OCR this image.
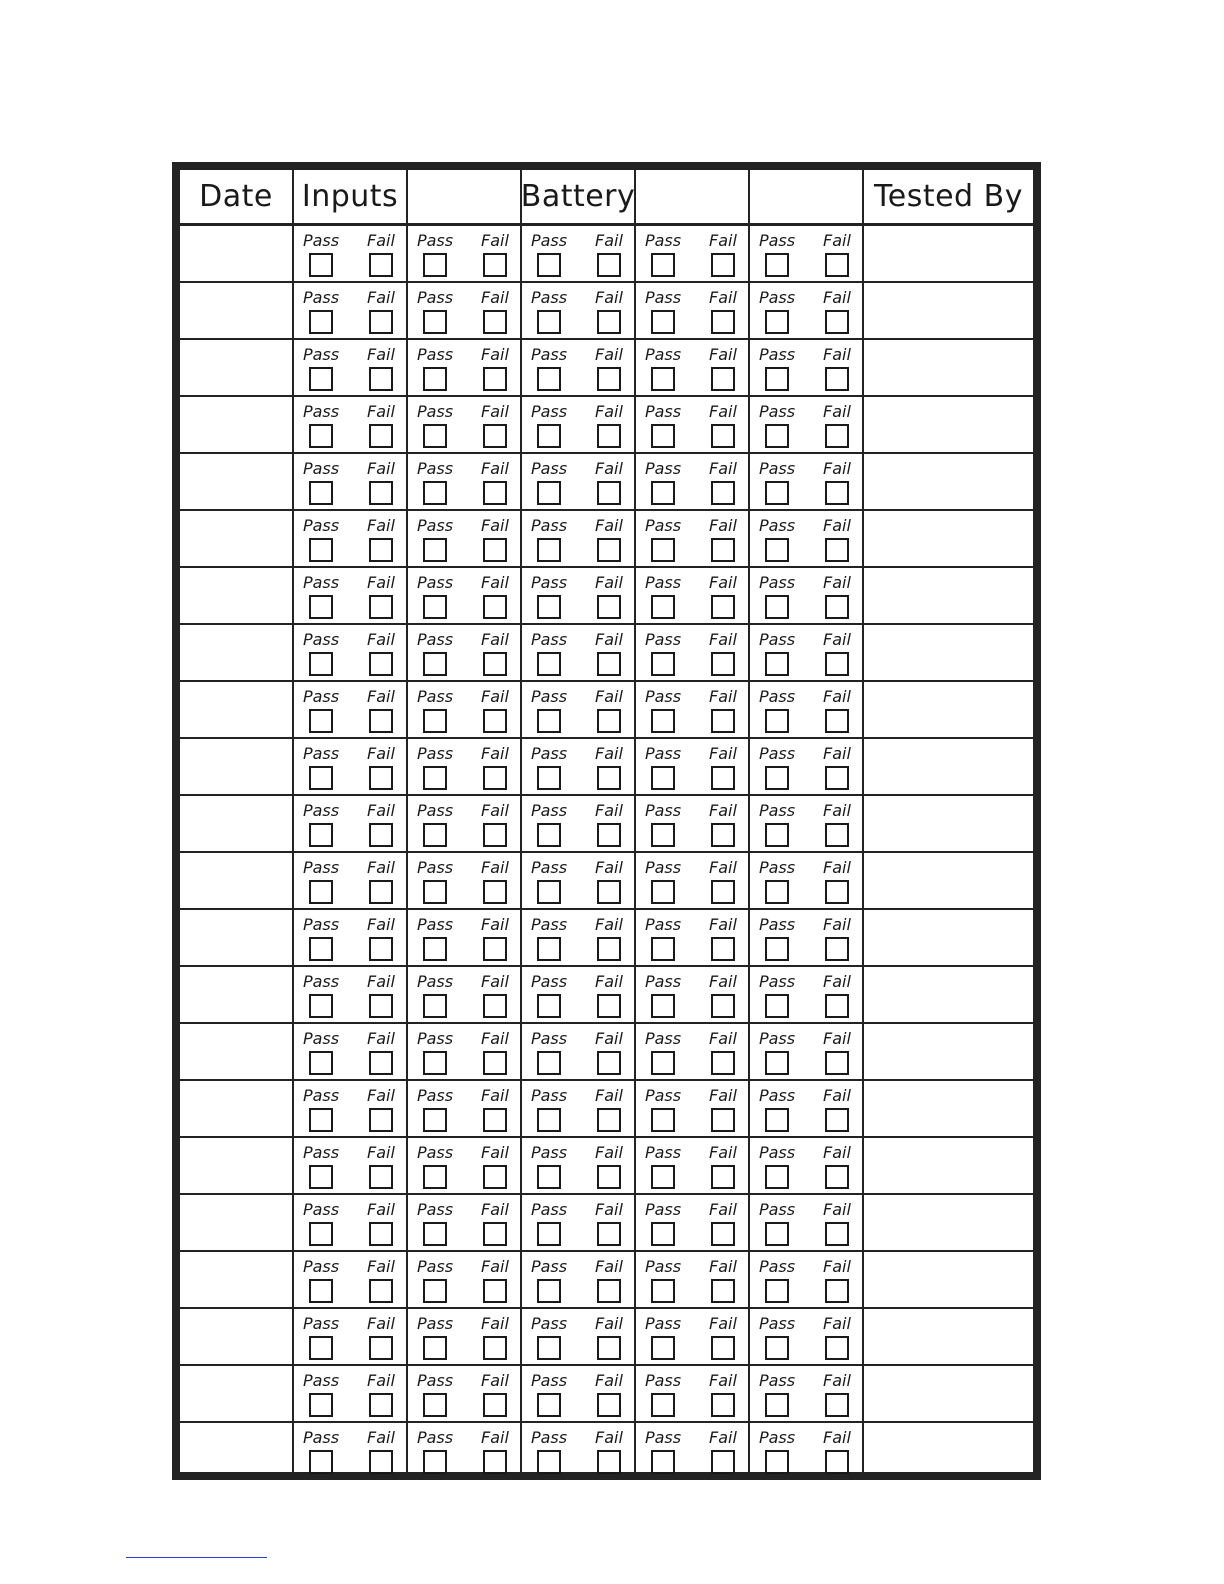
Date Inputs	Battery	Tested By
Pass Fail Pass Fail Pass Fail Pass Fail Pass Fail
Pass Fail Pass Fail Pass Fail Pass Fail Pass Fail
Pass Fail Pass Fail Pass Fail Pass Fail Pass Fail
Pass Fail Pass Fail Pass Fail Pass Fail Pass Fail
Pass Fail Pass Fail Pass Fail Pass Fail Pass Fail
Pass Fail Pass Fail Pass Fail Pass Fail Pass Fail
Pass Fail Pass Fail Pass Fail Pass Fail Pass Fail
Pass Fail Pass Fail Pass Fail Pass Fail Pass Fail
Pass Fail Pass Fail Pass Fail Pass Fail Pass Fail
Pass Fail Pass Fail Pass Fail Pass Fail Pass Fail
Pass Fail Pass Fail Pass Fail Pass Fail Pass Fail
Pass Fail Pass Fail Pass Fail Pass Fail Pass Fail
Pass Fail Pass Fail Pass Fail Pass Fail Pass Fail
Pass Fail Pass Fail Pass Fail Pass Fail Pass Fail
Pass Fail Pass Fail Pass Fail Pass Fail Pass Fail
Pass Fail Pass Fail Pass Fail Pass Fail Pass Fail
Pass Fail Pass Fail Pass Fail Pass Fail Pass Fail
Pass Fail Pass Fail Pass Fail Pass Fail Pass Fail
Pass Fail Pass Fail Pass Fail Pass Fail Pass Fail
Pass Fail Pass Fail Pass Fail Pass Fail Pass Fail
Pass Fail Pass Fail Pass Fail Pass Fail Pass Fail
Pass Fail Pass Fail Pass Fail Pass Fail Pass Fail
